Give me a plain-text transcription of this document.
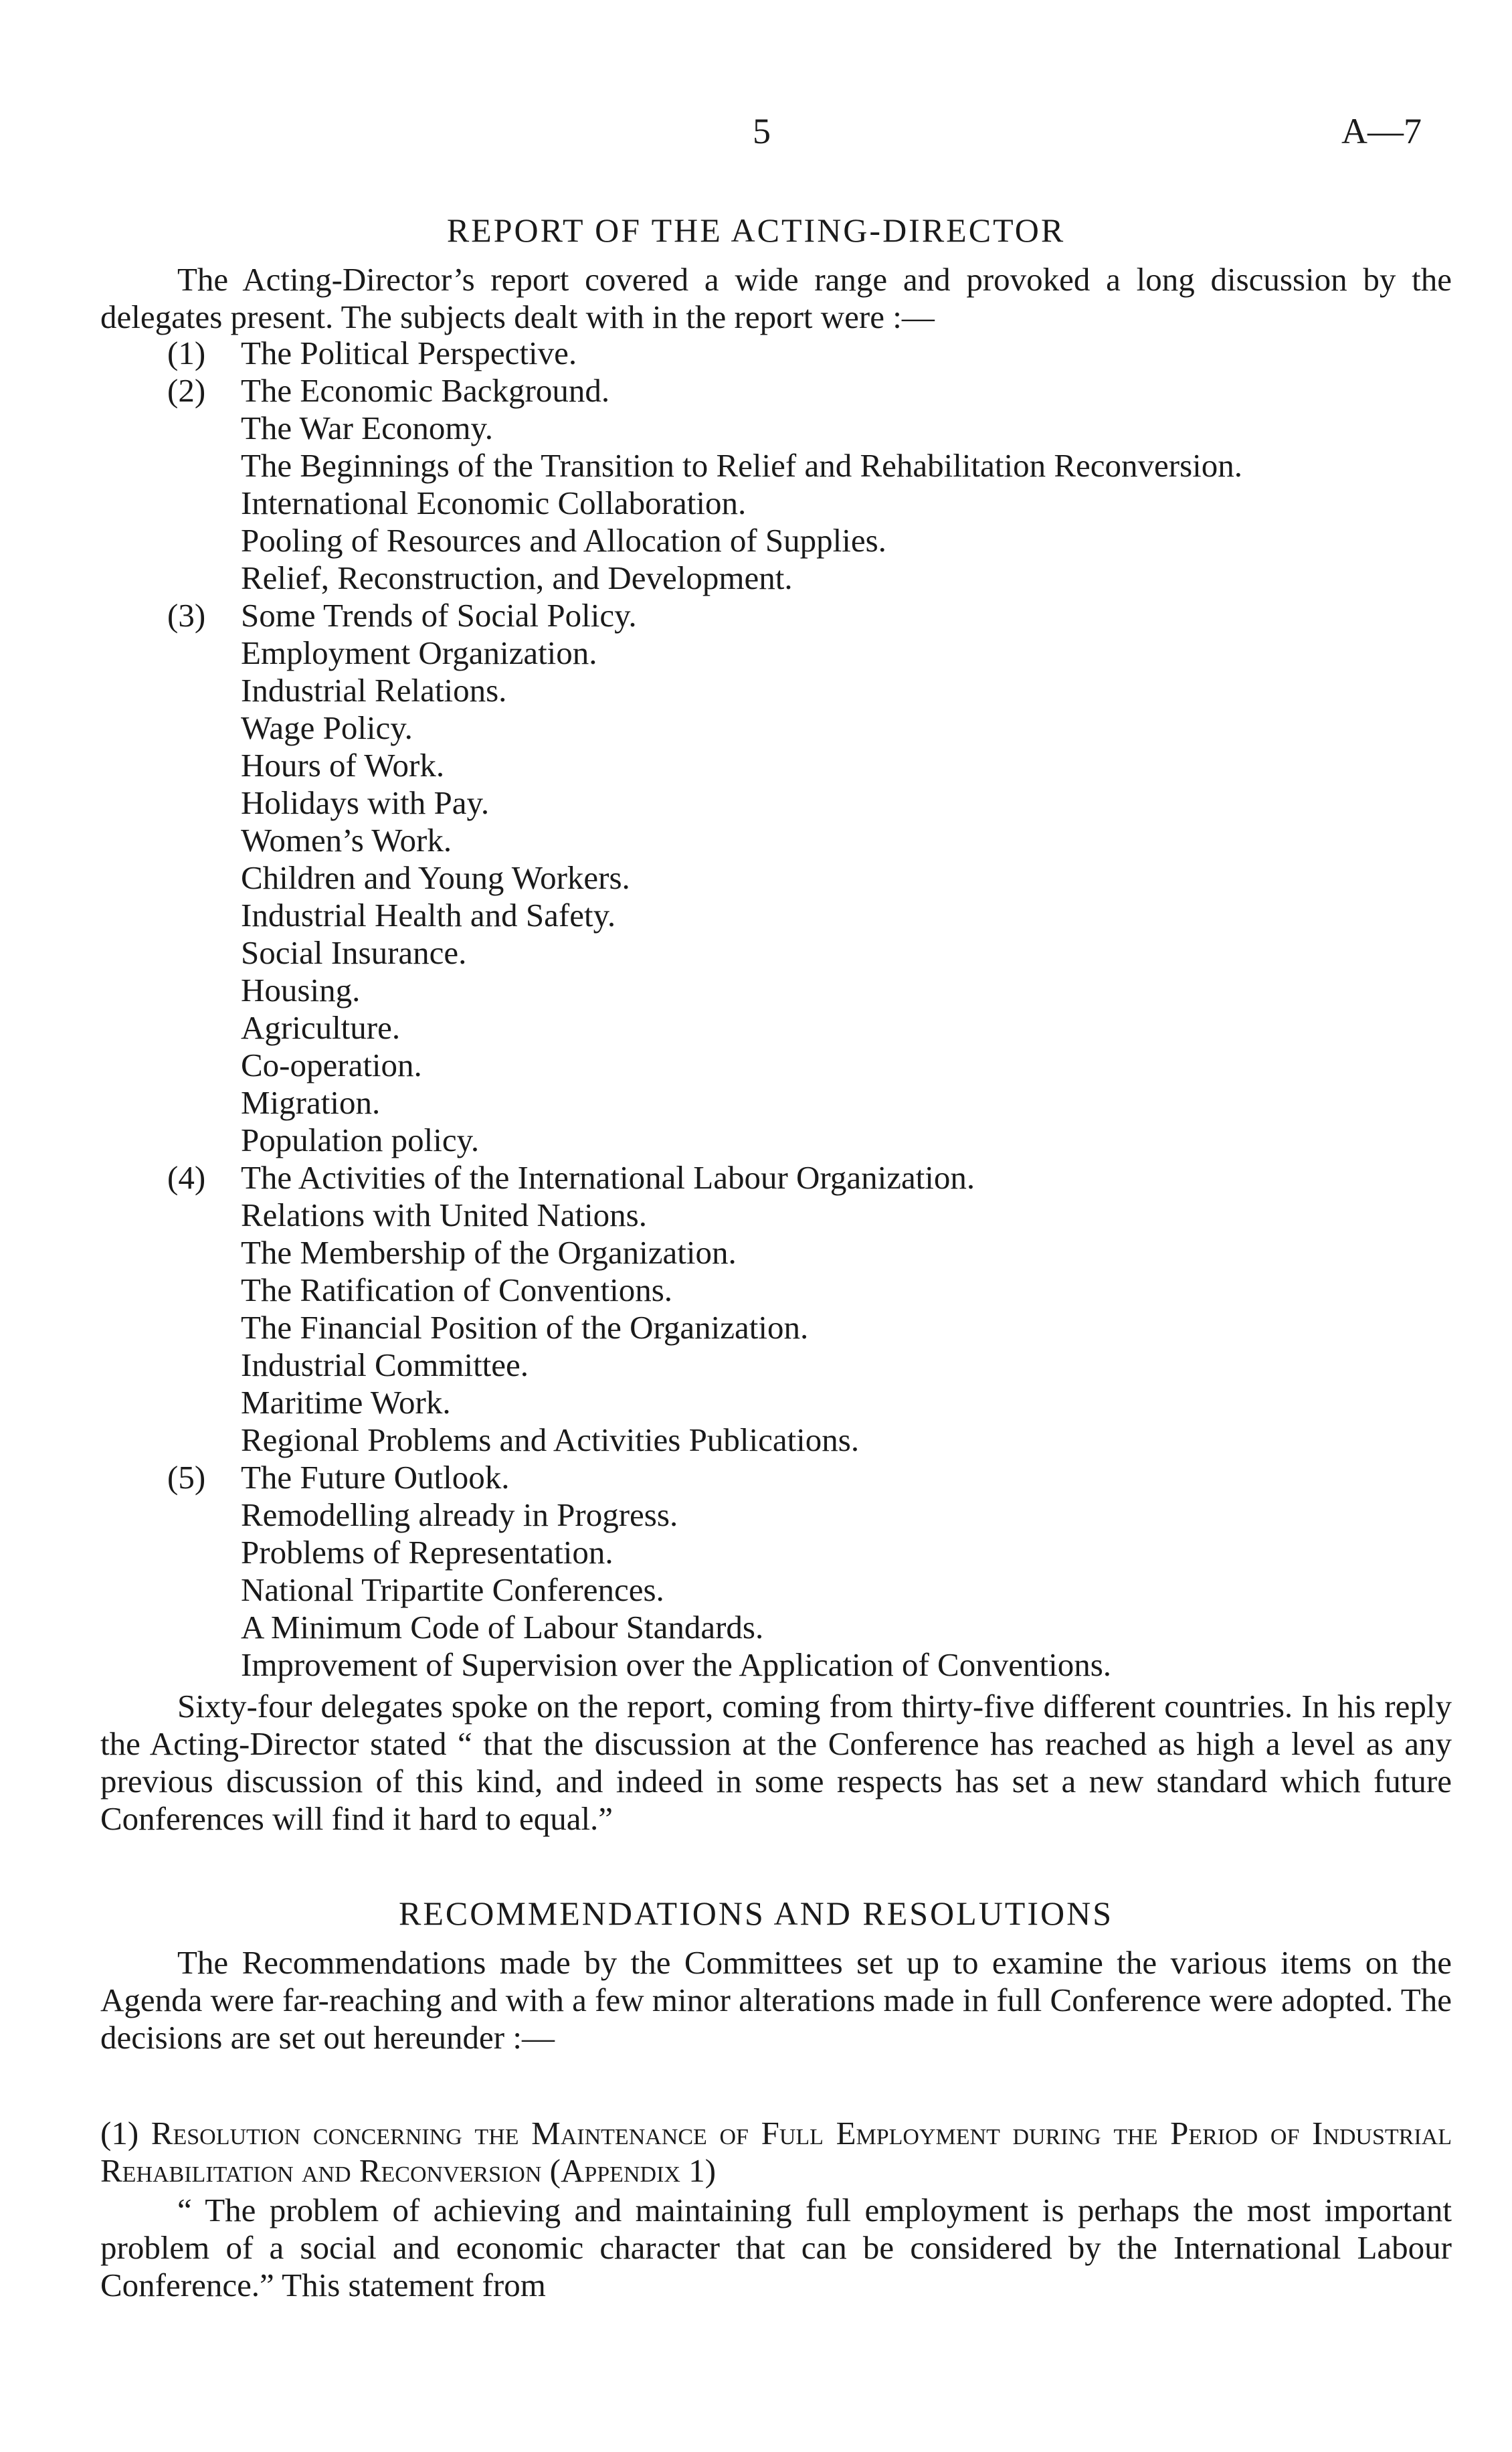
5	A—7
REPORT OF THE ACTING-DIRECTOR

The Acting-Director’s report covered a wide range and provoked a long discussion by the delegates present. The subjects dealt with in the report were :—

(1) The Political Perspective.
(2) The Economic Background.
The War Economy.
The Beginnings of the Transition to Relief and Rehabilitation Reconversion.
International Economic Collaboration.
Pooling of Resources and Allocation of Supplies.
Relief, Reconstruction, and Development.
(3) Some Trends of Social Policy.
Employment Organization.
Industrial Relations.
Wage Policy.
Hours of Work.
Holidays with Pay.
Women’s Work.
Children and Young Workers.
Industrial Health and Safety.
Social Insurance.
Housing.
Agriculture.
Co-operation.
Migration.
Population policy.
(4) The Activities of the International Labour Organization.
Relations with United Nations.
The Membership of the Organization.
The Ratification of Conventions.
The Financial Position of the Organization.
Industrial Committee.
Maritime Work.
Regional Problems and Activities Publications.
(5) The Future Outlook.
Remodelling already in Progress.
Problems of Representation.
National Tripartite Conferences.
A Minimum Code of Labour Standards.
Improvement of Supervision over the Application of Conventions.

Sixty-four delegates spoke on the report, coming from thirty-five different countries. In his reply the Acting-Director stated “ that the discussion at the Conference has reached as high a level as any previous discussion of this kind, and indeed in some respects has set a new standard which future Conferences will find it hard to equal.”

RECOMMENDATIONS AND RESOLUTIONS

The Recommendations made by the Committees set up to examine the various items on the Agenda were far-reaching and with a few minor alterations made in full Conference were adopted. The decisions are set out hereunder :—

(1) Resolution concerning the Maintenance of Full Employment during the Period of Industrial Rehabilitation and Reconversion (Appendix 1)

“ The problem of achieving and maintaining full employment is perhaps the most important problem of a social and economic character that can be considered by the International Labour Conference.” This statement from
